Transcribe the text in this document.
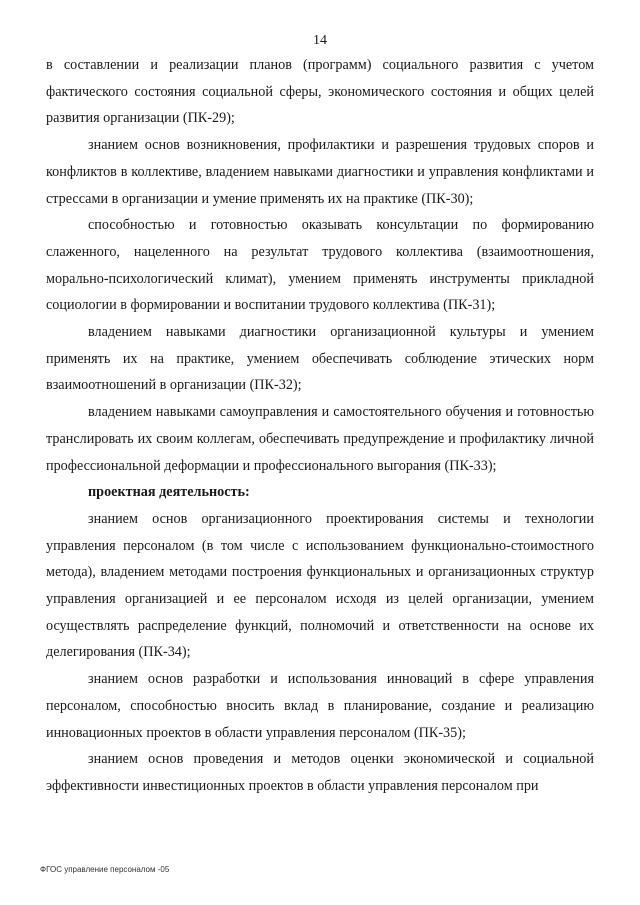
14

в составлении и реализации планов (программ) социального развития с учетом фактического состояния социальной сферы, экономического состояния и общих целей развития организации (ПК-29);

знанием основ возникновения, профилактики и разрешения трудовых споров и конфликтов в коллективе, владением навыками диагностики и управления конфликтами и стрессами в организации и умение применять их на практике (ПК-30);

способностью и готовностью оказывать консультации по формированию слаженного, нацеленного на результат трудового коллектива (взаимоотношения, морально-психологический климат), умением применять инструменты прикладной социологии в формировании и воспитании трудового коллектива (ПК-31);

владением навыками диагностики организационной культуры и умением применять их на практике, умением обеспечивать соблюдение этических норм взаимоотношений в организации (ПК-32);

владением навыками самоуправления и самостоятельного обучения и готовностью транслировать их своим коллегам, обеспечивать предупреждение и профилактику личной профессиональной деформации и профессионального выгорания (ПК-33);

проектная деятельность:

знанием основ организационного проектирования системы и технологии управления персоналом (в том числе с использованием функционально-стоимостного метода), владением методами построения функциональных и организационных структур управления организацией и ее персоналом исходя из целей организации, умением осуществлять распределение функций, полномочий и ответственности на основе их делегирования (ПК-34);

знанием основ разработки и использования инноваций в сфере управления персоналом, способностью вносить вклад в планирование, создание и реализацию инновационных проектов в области управления персоналом (ПК-35);

знанием основ проведения и методов оценки экономической и социальной эффективности инвестиционных проектов в области управления персоналом при

ФГОС управление персоналом -05
